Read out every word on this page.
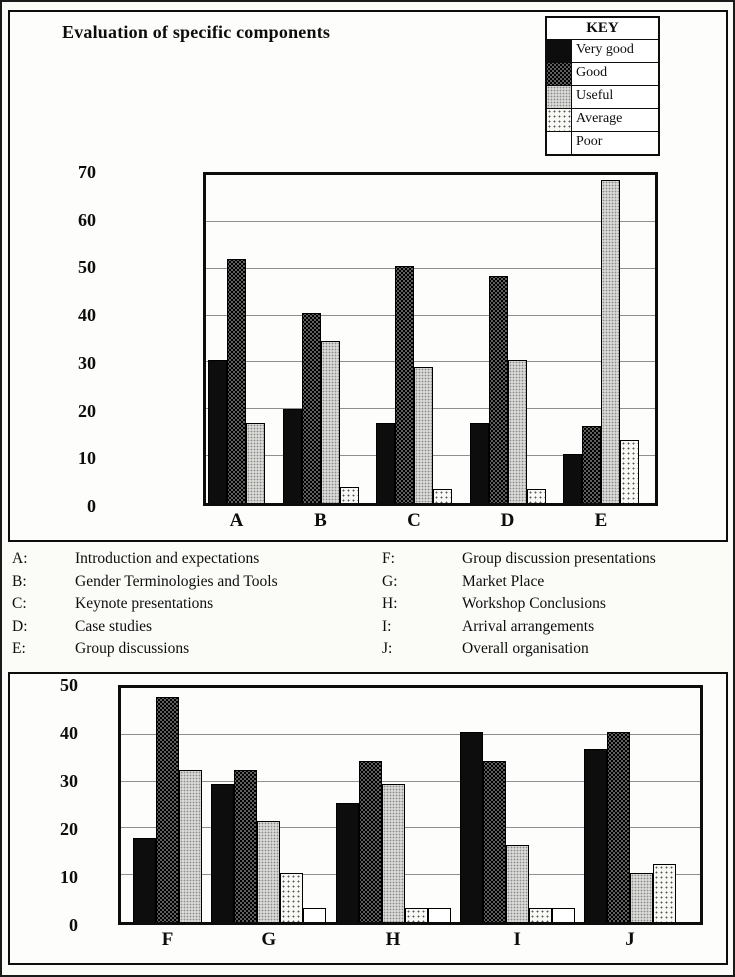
Evaluation of specific components	KEY
Very good
Good
Useful
Average
Poor
0
10
20
30
40
50
60
70
A	B	C	D	E
A:	Introduction and expectations
B:	Gender Terminologies and Tools
C:	Keynote presentations
D:	Case studies
E:	Group discussions
F:	Group discussion presentations
G:	Market Place
H:	Workshop Conclusions
I:	Arrival arrangements
J:	Overall organisation
0
10
20
30
40
50
F	G	H	I	J
